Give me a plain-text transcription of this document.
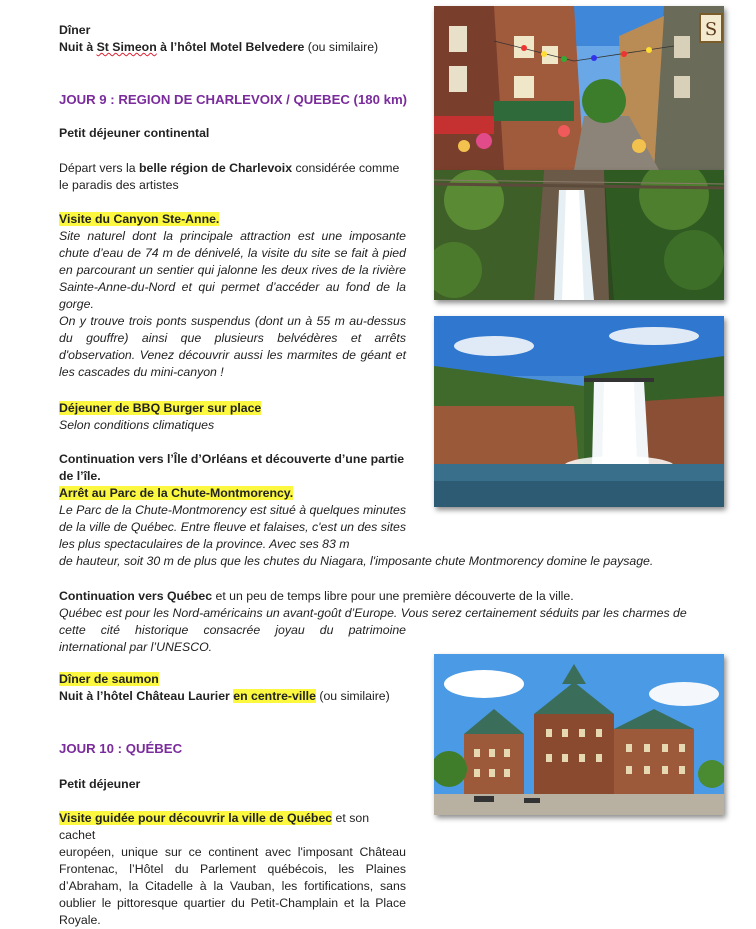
Dîner

Nuit à St Simeon à l’hôtel Motel Belvedere (ou similaire)

JOUR 9 : REGION DE CHARLEVOIX / QUEBEC (180 km)
Petit déjeuner continental

Départ vers la belle région de Charlevoix considérée comme

le paradis des artistes

Visite du Canyon Ste-Anne.

Site naturel dont la principale attraction est une imposante chute d’eau de 74 m de dénivelé, la visite du site se fait à pied en parcourant un sentier qui jalonne les deux rives de la rivière Sainte-Anne-du-Nord et qui permet d’accéder au fond de la gorge.

On y trouve trois ponts suspendus (dont un à 55 m au-dessus du gouffre) ainsi que plusieurs belvédères et arrêts d'observation. Venez découvrir aussi les marmites de géant et les cascades du mini-canyon !

Déjeuner de BBQ Burger sur place

Selon conditions climatiques

Continuation vers l’Île d’Orléans et découverte d’une partie

de l’île.

Arrêt au Parc de la Chute-Montmorency.

Le Parc de la Chute-Montmorency est situé à quelques minutes de la ville de Québec. Entre fleuve et falaises, c'est un des sites les plus spectaculaires de la province. Avec ses 83 m

de hauteur, soit 30 m de plus que les chutes du Niagara, l'imposante chute Montmorency domine le paysage.

Continuation vers Québec et un peu de temps libre pour une première découverte de la ville.

Québec est pour les Nord-américains un avant-goût d’Europe. Vous serez certainement séduits par les charmes de

cette cité historique consacrée joyau du patrimoine

international par l’UNESCO.

Dîner de saumon

Nuit à l’hôtel Château Laurier en centre-ville (ou similaire)

JOUR 10 : QUÉBEC
Petit déjeuner

Visite guidée pour découvrir la ville de Québec et son cachet

européen, unique sur ce continent avec l'imposant Château Frontenac, l’Hôtel du Parlement québécois, les Plaines d’Abraham, la Citadelle à la Vauban, les fortifications, sans oublier le pittoresque quartier du Petit-Champlain et la Place Royale.

S
